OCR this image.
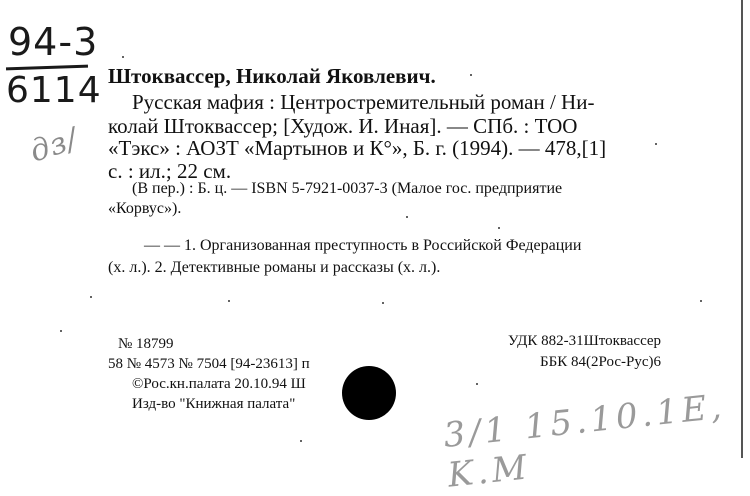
94-3
6114
дз/
3/1 15.10.1E, K.M
Штоквассер, Николай Яковлевич.
Русская мафия : Центростремительный роман / Ни-
колай Штоквассер; [Худож. И. Иная]. — СПб. : ТОО
«Тэкс» : АОЗТ «Мартынов и К°», Б. г. (1994). — 478,[1]
с. : ил.; 22 см.
(В пер.) : Б. ц. — ISBN 5-7921-0037-3 (Малое гос. предприятие
«Корвус»).
— — 1. Организованная преступность в Российской Федерации
(х. л.). 2. Детективные романы и рассказы (х. л.).
№ 18799
58 № 4573 № 7504 [94-23613] п
©Рос.кн.палата 20.10.94 Ш
Изд-во "Книжная палата"
УДК 882-31Штоквассер
ББК 84(2Рос-Рус)6
